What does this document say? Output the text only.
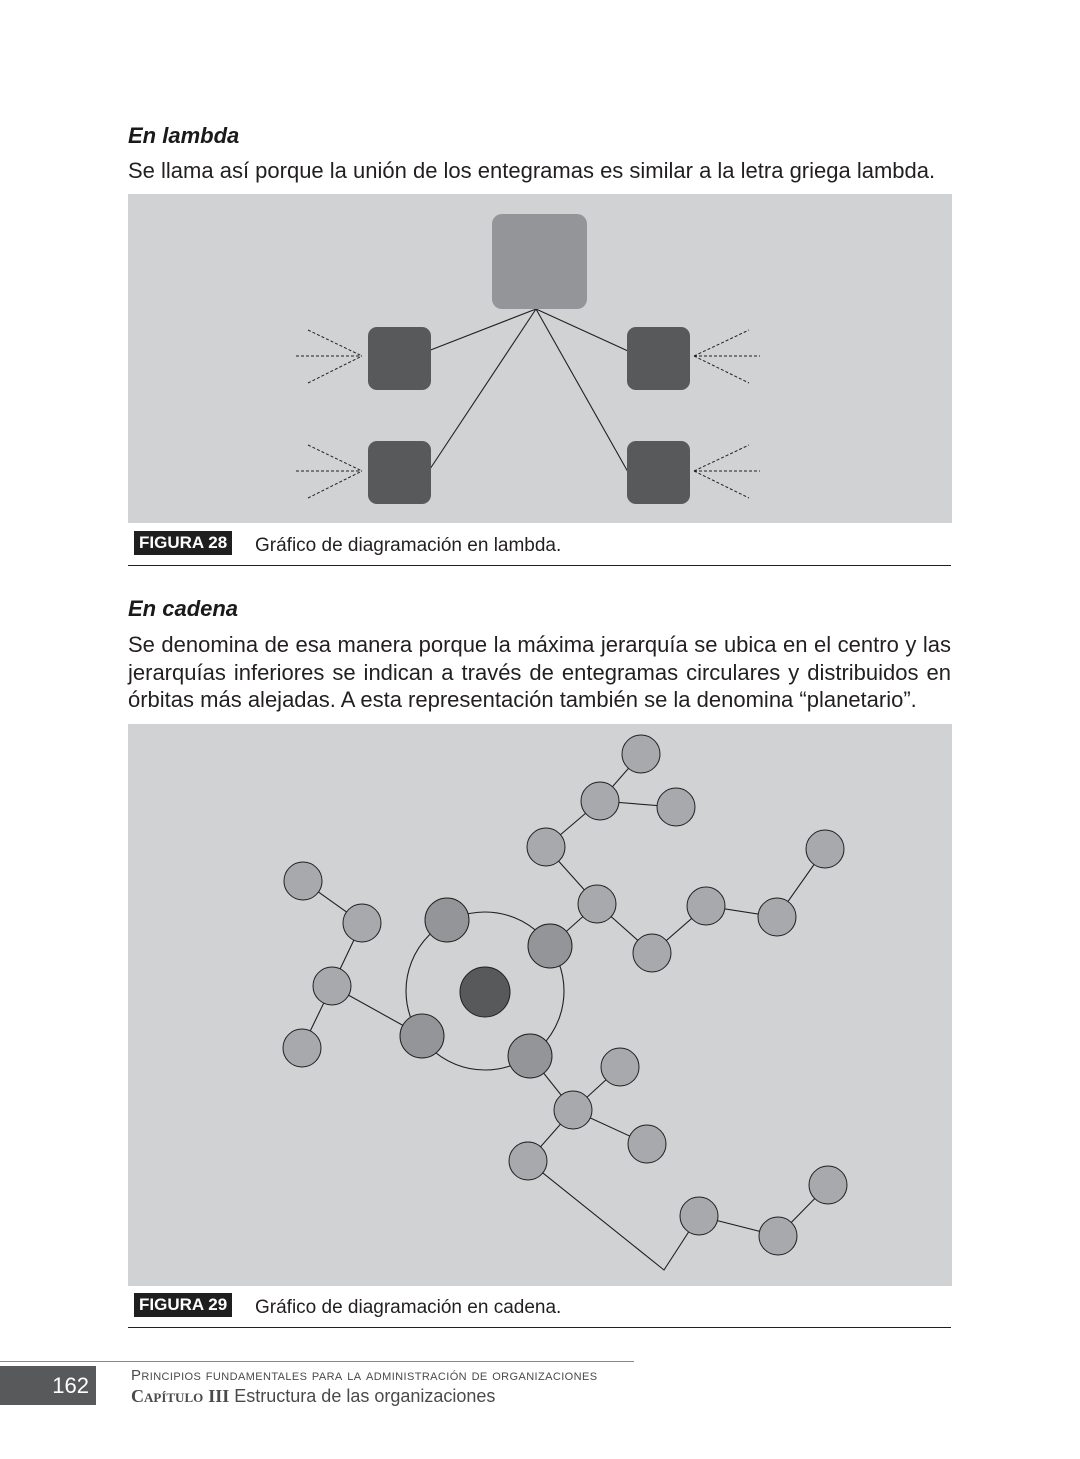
En lambda

Se llama así porque la unión de los entegramas es similar a la letra griega lambda.

FIGURA 28 Gráfico de diagramación en lambda.
En cadena

Se denomina de esa manera porque la máxima jerarquía se ubica en el centro y las jerarquías inferiores se indican a través de entegramas circulares y distribuidos en órbitas más alejadas. A esta representación también se la denomina “planetario”.

FIGURA 29 Gráfico de diagramación en cadena.
162	Principios fundamentales para la administración de organizaciones
Capítulo III Estructura de las organizaciones
